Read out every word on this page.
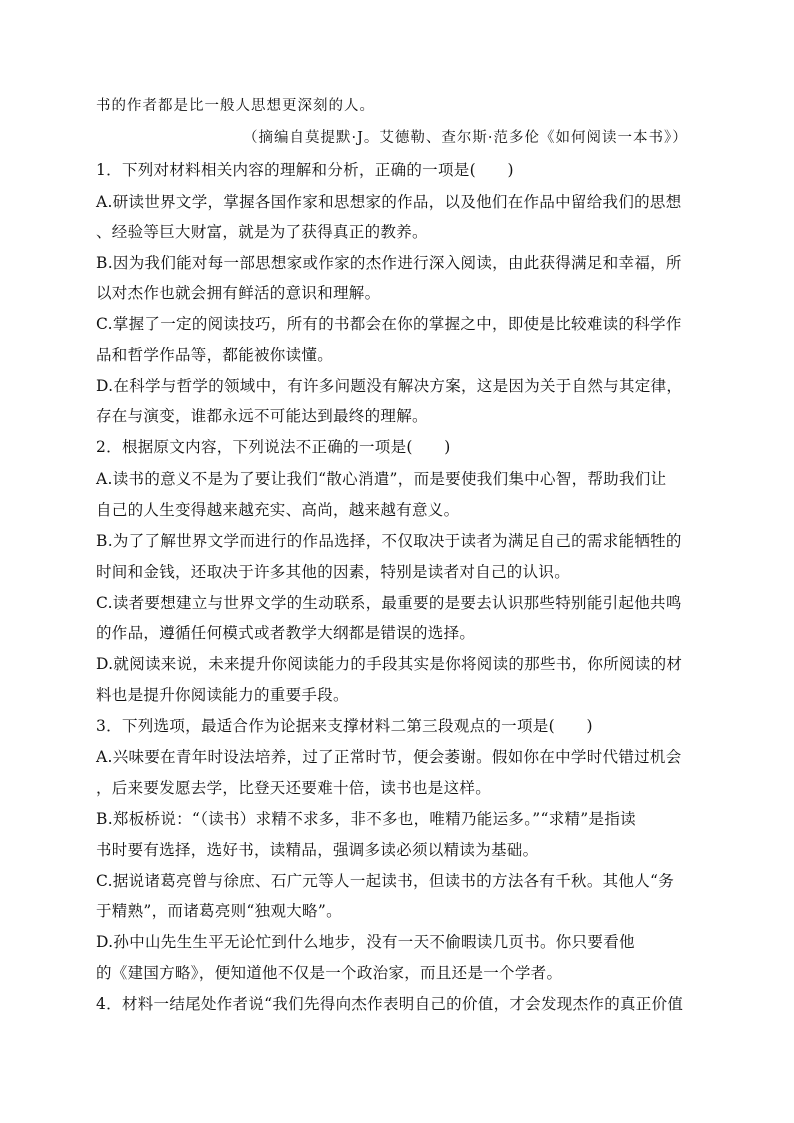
书的作者都是比一般人思想更深刻的人。
（摘编自莫提默·J。艾德勒、查尔斯·范多伦《如何阅读一本书》）
1．下列对材料相关内容的理解和分析，正确的一项是(　　)
A.研读世界文学，掌握各国作家和思想家的作品，以及他们在作品中留给我们的思想
、经验等巨大财富，就是为了获得真正的教养。
B.因为我们能对每一部思想家或作家的杰作进行深入阅读，由此获得满足和幸福，所
以对杰作也就会拥有鲜活的意识和理解。
C.掌握了一定的阅读技巧，所有的书都会在你的掌握之中，即使是比较难读的科学作
品和哲学作品等，都能被你读懂。
D.在科学与哲学的领域中，有许多问题没有解决方案，这是因为关于自然与其定律，
存在与演变，谁都永远不可能达到最终的理解。
2．根据原文内容，下列说法不正确的一项是(　　)
A.读书的意义不是为了要让我们“散心消遣”，而是要使我们集中心智，帮助我们让
自己的人生变得越来越充实、高尚，越来越有意义。
B.为了了解世界文学而进行的作品选择，不仅取决于读者为满足自己的需求能牺牲的
时间和金钱，还取决于许多其他的因素，特别是读者对自己的认识。
C.读者要想建立与世界文学的生动联系，最重要的是要去认识那些特别能引起他共鸣
的作品，遵循任何模式或者教学大纲都是错误的选择。
D.就阅读来说，未来提升你阅读能力的手段其实是你将阅读的那些书，你所阅读的材
料也是提升你阅读能力的重要手段。
3．下列选项，最适合作为论据来支撑材料二第三段观点的一项是(　　)
A.兴味要在青年时设法培养，过了正常时节，便会萎谢。假如你在中学时代错过机会
，后来要发愿去学，比登天还要难十倍，读书也是这样。
B.郑板桥说：“（读书）求精不求多，非不多也，唯精乃能运多。”“求精”是指读
书时要有选择，选好书，读精品，强调多读必须以精读为基础。
C.据说诸葛亮曾与徐庶、石广元等人一起读书，但读书的方法各有千秋。其他人“务
于精熟”，而诸葛亮则“独观大略”。
D.孙中山先生生平无论忙到什么地步，没有一天不偷暇读几页书。你只要看他
的《建国方略》，便知道他不仅是一个政治家，而且还是一个学者。
4．材料一结尾处作者说“我们先得向杰作表明自己的价值，才会发现杰作的真正价值
